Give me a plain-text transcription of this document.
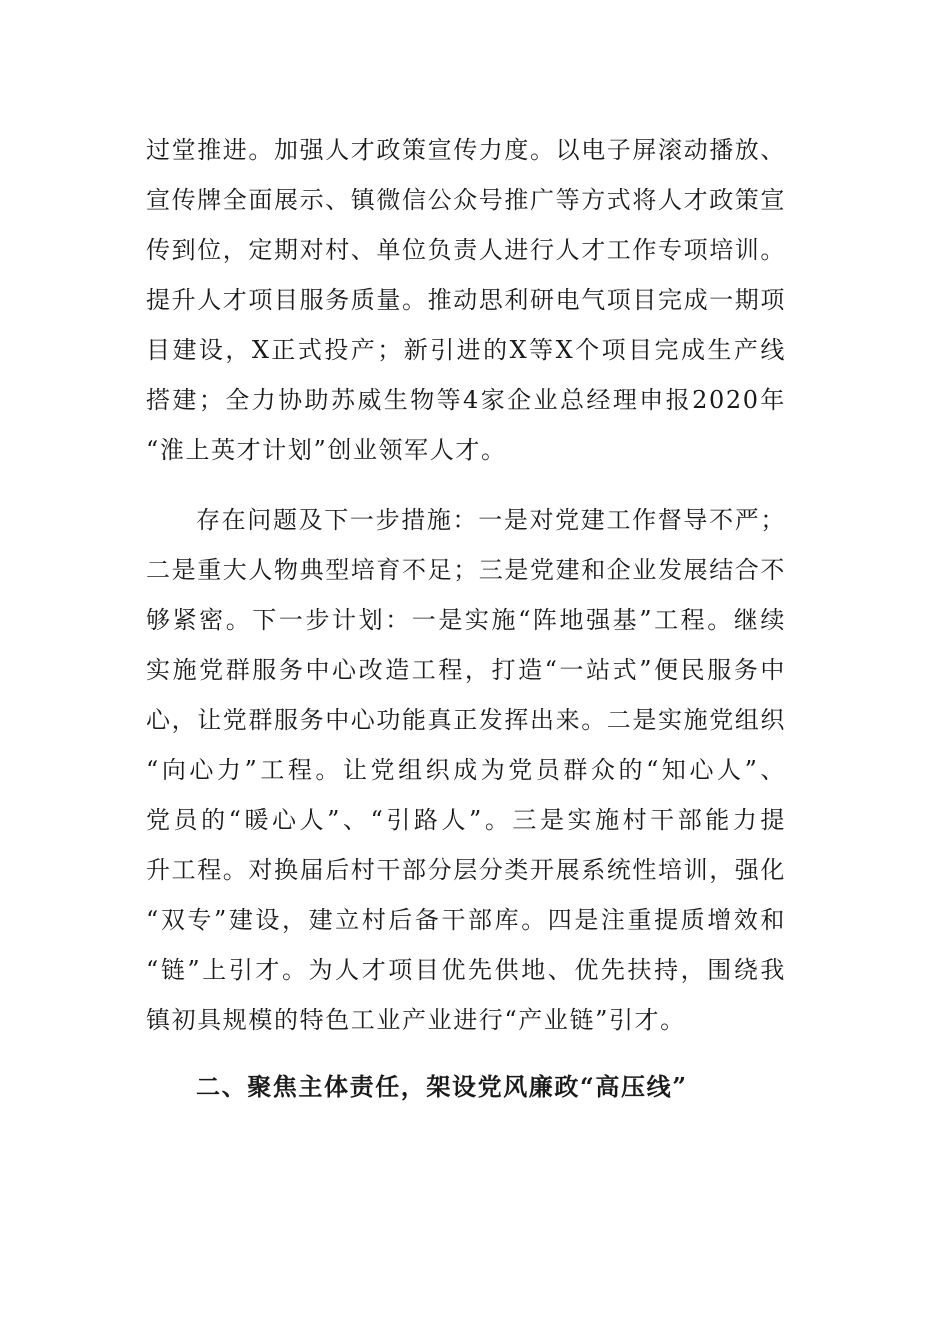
过堂推进。加强人才政策宣传力度。以电子屏滚动播放、
宣传牌全面展示、镇微信公众号推广等方式将人才政策宣
传到位，定期对村、单位负责人进行人才工作专项培训。
提升人才项目服务质量。推动思利研电气项目完成一期项
目建设，X正式投产；新引进的X等X个项目完成生产线
搭建；全力协助苏威生物等4家企业总经理申报2020年
“淮上英才计划”创业领军人才。
存在问题及下一步措施：一是对党建工作督导不严；
二是重大人物典型培育不足；三是党建和企业发展结合不
够紧密。下一步计划：一是实施“阵地强基”工程。继续
实施党群服务中心改造工程，打造“一站式”便民服务中
心，让党群服务中心功能真正发挥出来。二是实施党组织
“向心力”工程。让党组织成为党员群众的“知心人”、
党员的“暖心人”、“引路人”。三是实施村干部能力提
升工程。对换届后村干部分层分类开展系统性培训，强化
“双专”建设，建立村后备干部库。四是注重提质增效和
“链”上引才。为人才项目优先供地、优先扶持，围绕我
镇初具规模的特色工业产业进行“产业链”引才。
二、聚焦主体责任，架设党风廉政“高压线”
